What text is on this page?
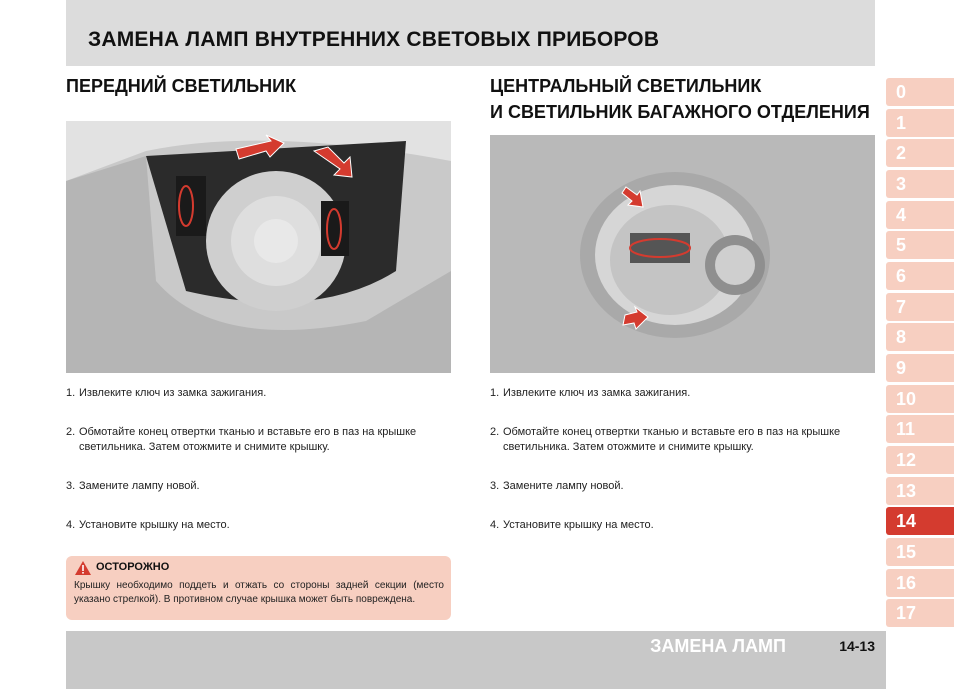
ЗАМЕНА ЛАМП ВНУТРЕННИХ СВЕТОВЫХ ПРИБОРОВ
ПЕРЕДНИЙ СВЕТИЛЬНИК
1. Извлеките ключ из замка зажигания.
2. Обмотайте конец отвертки тканью и вставьте его в паз на крышке светильника. Затем отожмите и снимите крышку.
3. Замените лампу новой.
4. Установите крышку на место.
ОСТОРОЖНО
Крышку необходимо поддеть и отжать со стороны задней секции (место указано стрелкой). В противном случае крышка может быть повреждена.
ЦЕНТРАЛЬНЫЙ СВЕТИЛЬНИК
И СВЕТИЛЬНИК БАГАЖНОГО ОТДЕЛЕНИЯ
1. Извлеките ключ из замка зажигания.
2. Обмотайте конец отвертки тканью и вставьте его в паз на крышке светильника. Затем отожмите и снимите крышку.
3. Замените лампу новой.
4. Установите крышку на место.
0
1
2
3
4
5
6
7
8
9
10
11
12
13
14
15
16
17
ЗАМЕНА ЛАМП	14-13
